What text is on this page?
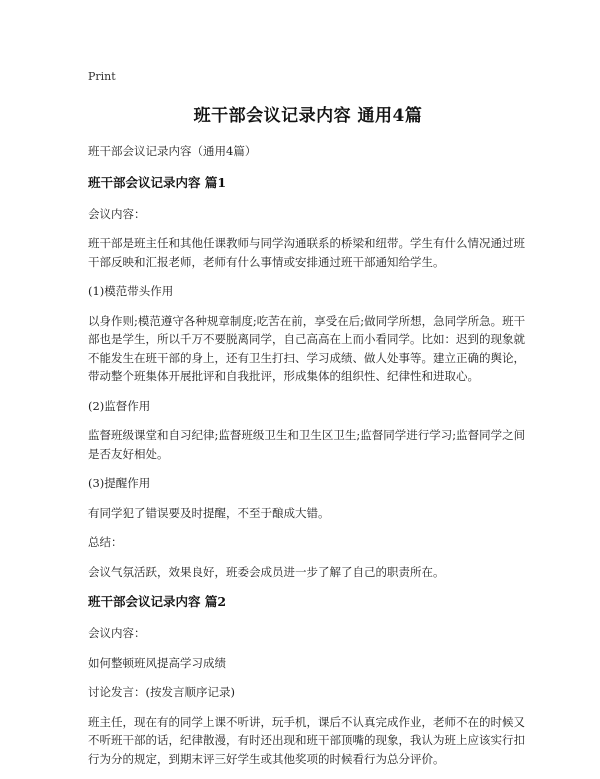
Print
班干部会议记录内容 通用4篇

班干部会议记录内容（通用4篇）

班干部会议记录内容 篇1

会议内容：

班干部是班主任和其他任课教师与同学沟通联系的桥梁和纽带。学生有什么情况通过班干部反映和汇报老师，老师有什么事情或安排通过班干部通知给学生。

(1)模范带头作用

以身作则;模范遵守各种规章制度;吃苦在前，享受在后;做同学所想，急同学所急。班干部也是学生，所以千万不要脱离同学，自己高高在上而小看同学。比如：迟到的现象就不能发生在班干部的身上，还有卫生打扫、学习成绩、做人处事等。建立正确的舆论，带动整个班集体开展批评和自我批评，形成集体的组织性、纪律性和进取心。

(2)监督作用

监督班级课堂和自习纪律;监督班级卫生和卫生区卫生;监督同学进行学习;监督同学之间是否友好相处。

(3)提醒作用

有同学犯了错误要及时提醒，不至于酿成大错。

总结：

会议气氛活跃，效果良好，班委会成员进一步了解了自己的职责所在。

班干部会议记录内容 篇2

会议内容：

如何整顿班风提高学习成绩

讨论发言：(按发言顺序记录)

班主任，现在有的同学上课不听讲，玩手机，课后不认真完成作业，老师不在的时候又不听班干部的话，纪律散漫，有时还出现和班干部顶嘴的现象，我认为班上应该实行扣行为分的规定，到期末评三好学生或其他奖项的时候看行为总分评价。
